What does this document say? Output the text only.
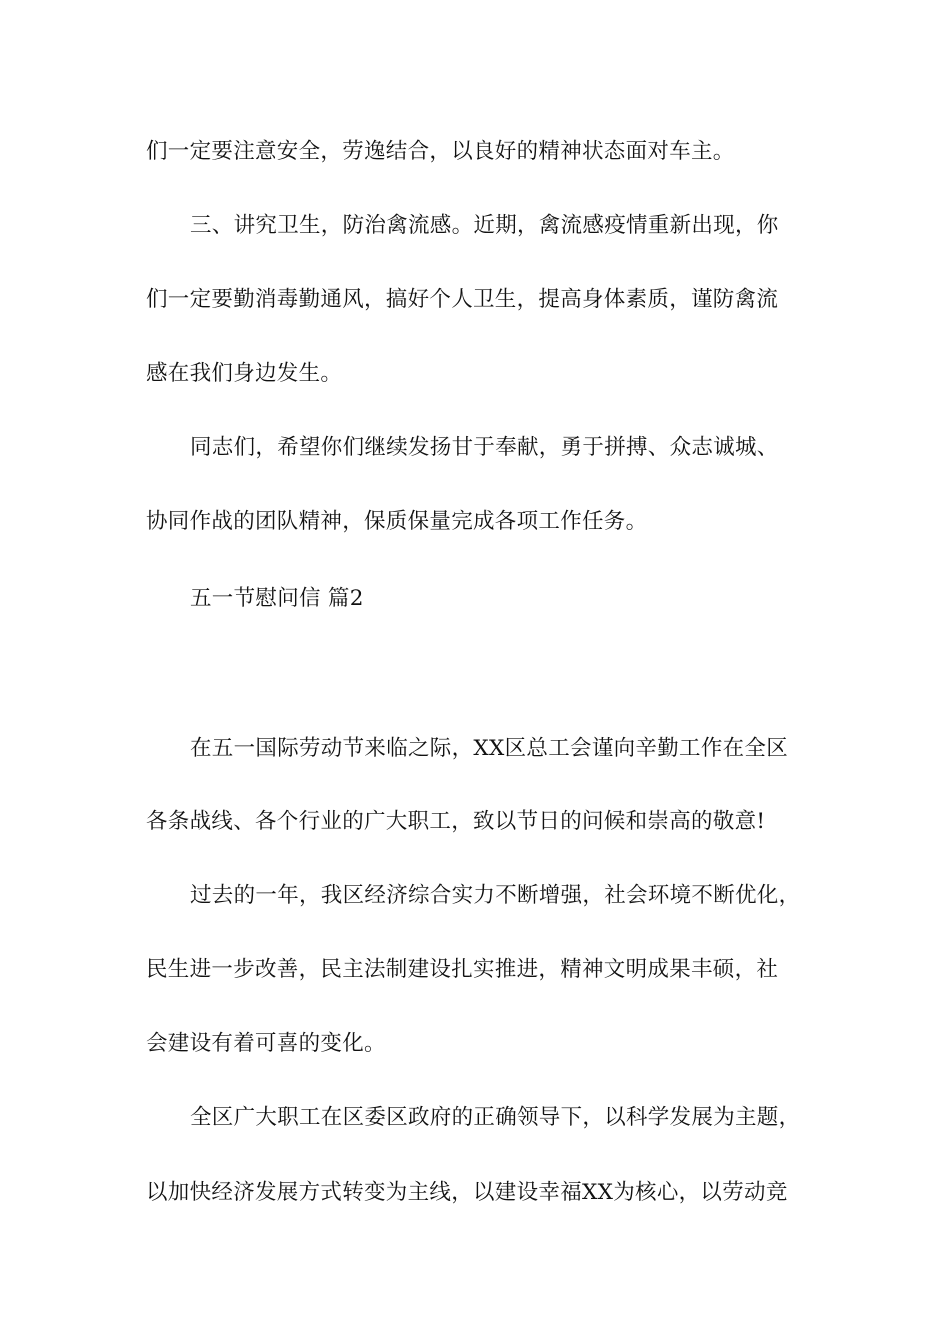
们一定要注意安全，劳逸结合，以良好的精神状态面对车主。
三、讲究卫生，防治禽流感。近期，禽流感疫情重新出现，你
们一定要勤消毒勤通风，搞好个人卫生，提高身体素质，谨防禽流
感在我们身边发生。
同志们，希望你们继续发扬甘于奉献，勇于拼搏、众志诚城、
协同作战的团队精神，保质保量完成各项工作任务。
五一节慰问信 篇2
在五一国际劳动节来临之际，XX区总工会谨向辛勤工作在全区
各条战线、各个行业的广大职工，致以节日的问候和崇高的敬意!
过去的一年，我区经济综合实力不断增强，社会环境不断优化，
民生进一步改善，民主法制建设扎实推进，精神文明成果丰硕，社
会建设有着可喜的变化。
全区广大职工在区委区政府的正确领导下，以科学发展为主题，
以加快经济发展方式转变为主线，以建设幸福XX为核心，以劳动竞
